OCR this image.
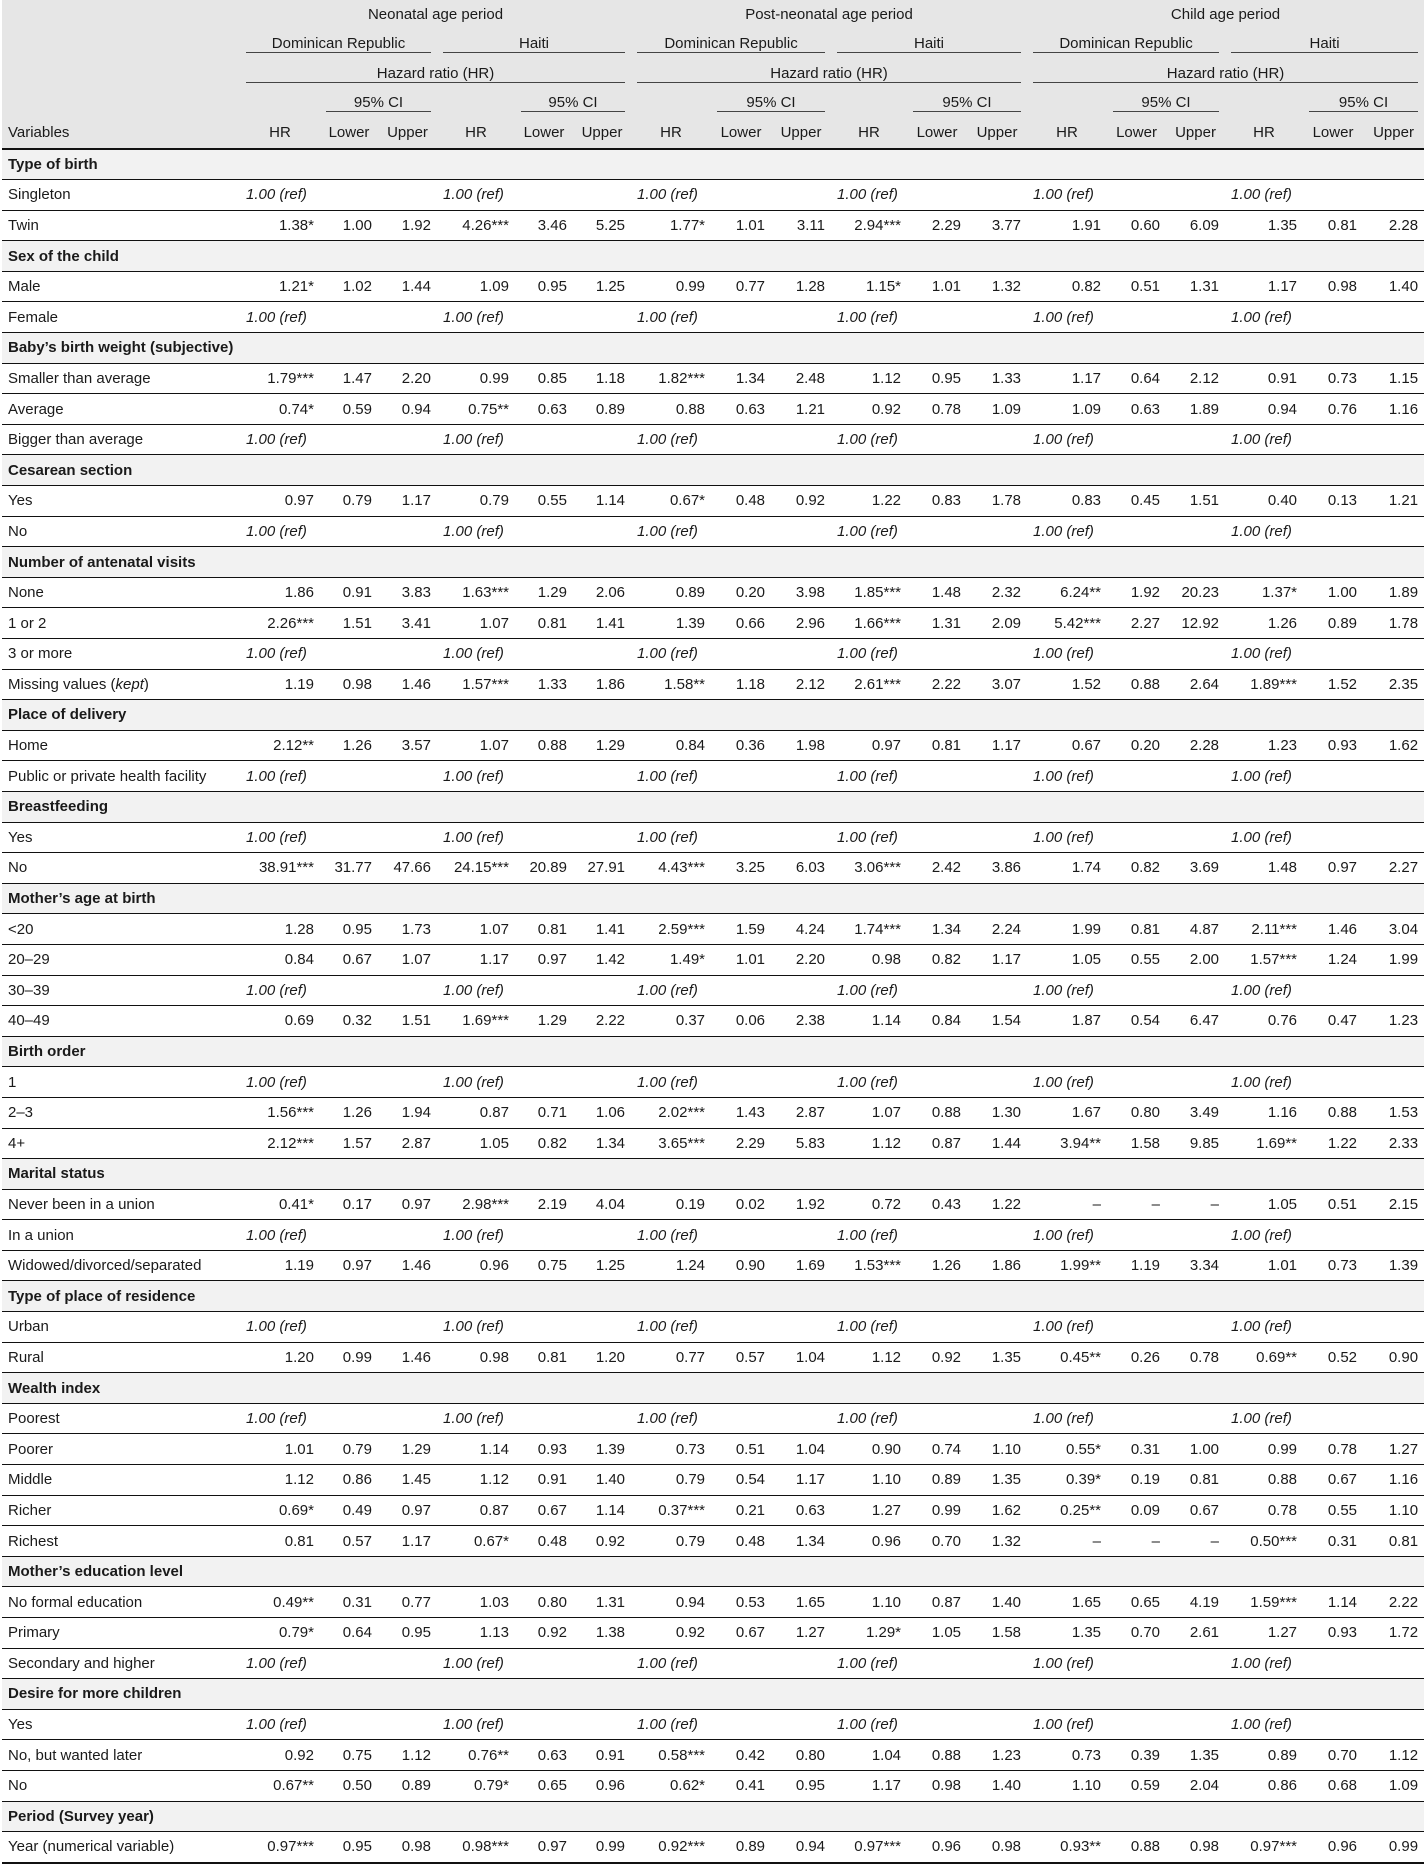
	Neonatal age period						Post-neonatal age period						Child age period					

	Dominican Republic			Haiti			Dominican Republic			Haiti			Dominican Republic			Haiti		

	Hazard ratio (HR)						Hazard ratio (HR)						Hazard ratio (HR)					

		95% CI			95% CI			95% CI			95% CI			95% CI			95% CI	

Variables	HR	Lower	Upper	HR	Lower	Upper	HR	Lower	Upper	HR	Lower	Upper	HR	Lower	Upper	HR	Lower	Upper
Type of birth																		
Singleton	1.00 (ref)			1.00 (ref)			1.00 (ref)			1.00 (ref)			1.00 (ref)			1.00 (ref)		
Twin	1.38*	1.00	1.92	4.26***	3.46	5.25	1.77*	1.01	3.11	2.94***	2.29	3.77	1.91	0.60	6.09	1.35	0.81	2.28
Sex of the child																		
Male	1.21*	1.02	1.44	1.09	0.95	1.25	0.99	0.77	1.28	1.15*	1.01	1.32	0.82	0.51	1.31	1.17	0.98	1.40
Female	1.00 (ref)			1.00 (ref)			1.00 (ref)			1.00 (ref)			1.00 (ref)			1.00 (ref)		
Baby’s birth weight (subjective)																		
Smaller than average	1.79***	1.47	2.20	0.99	0.85	1.18	1.82***	1.34	2.48	1.12	0.95	1.33	1.17	0.64	2.12	0.91	0.73	1.15
Average	0.74*	0.59	0.94	0.75**	0.63	0.89	0.88	0.63	1.21	0.92	0.78	1.09	1.09	0.63	1.89	0.94	0.76	1.16
Bigger than average	1.00 (ref)			1.00 (ref)			1.00 (ref)			1.00 (ref)			1.00 (ref)			1.00 (ref)		
Cesarean section																		
Yes	0.97	0.79	1.17	0.79	0.55	1.14	0.67*	0.48	0.92	1.22	0.83	1.78	0.83	0.45	1.51	0.40	0.13	1.21
No	1.00 (ref)			1.00 (ref)			1.00 (ref)			1.00 (ref)			1.00 (ref)			1.00 (ref)		
Number of antenatal visits																		
None	1.86	0.91	3.83	1.63***	1.29	2.06	0.89	0.20	3.98	1.85***	1.48	2.32	6.24**	1.92	20.23	1.37*	1.00	1.89
1 or 2	2.26***	1.51	3.41	1.07	0.81	1.41	1.39	0.66	2.96	1.66***	1.31	2.09	5.42***	2.27	12.92	1.26	0.89	1.78
3 or more	1.00 (ref)			1.00 (ref)			1.00 (ref)			1.00 (ref)			1.00 (ref)			1.00 (ref)		
Missing values (kept)	1.19	0.98	1.46	1.57***	1.33	1.86	1.58**	1.18	2.12	2.61***	2.22	3.07	1.52	0.88	2.64	1.89***	1.52	2.35
Place of delivery																		
Home	2.12**	1.26	3.57	1.07	0.88	1.29	0.84	0.36	1.98	0.97	0.81	1.17	0.67	0.20	2.28	1.23	0.93	1.62
Public or private health facility	1.00 (ref)			1.00 (ref)			1.00 (ref)			1.00 (ref)			1.00 (ref)			1.00 (ref)		
Breastfeeding																		
Yes	1.00 (ref)			1.00 (ref)			1.00 (ref)			1.00 (ref)			1.00 (ref)			1.00 (ref)		
No	38.91***	31.77	47.66	24.15***	20.89	27.91	4.43***	3.25	6.03	3.06***	2.42	3.86	1.74	0.82	3.69	1.48	0.97	2.27
Mother’s age at birth																		
<20	1.28	0.95	1.73	1.07	0.81	1.41	2.59***	1.59	4.24	1.74***	1.34	2.24	1.99	0.81	4.87	2.11***	1.46	3.04
20–29	0.84	0.67	1.07	1.17	0.97	1.42	1.49*	1.01	2.20	0.98	0.82	1.17	1.05	0.55	2.00	1.57***	1.24	1.99
30–39	1.00 (ref)			1.00 (ref)			1.00 (ref)			1.00 (ref)			1.00 (ref)			1.00 (ref)		
40–49	0.69	0.32	1.51	1.69***	1.29	2.22	0.37	0.06	2.38	1.14	0.84	1.54	1.87	0.54	6.47	0.76	0.47	1.23
Birth order																		
1	1.00 (ref)			1.00 (ref)			1.00 (ref)			1.00 (ref)			1.00 (ref)			1.00 (ref)		
2–3	1.56***	1.26	1.94	0.87	0.71	1.06	2.02***	1.43	2.87	1.07	0.88	1.30	1.67	0.80	3.49	1.16	0.88	1.53
4+	2.12***	1.57	2.87	1.05	0.82	1.34	3.65***	2.29	5.83	1.12	0.87	1.44	3.94**	1.58	9.85	1.69**	1.22	2.33
Marital status																		
Never been in a union	0.41*	0.17	0.97	2.98***	2.19	4.04	0.19	0.02	1.92	0.72	0.43	1.22	–	–	–	1.05	0.51	2.15
In a union	1.00 (ref)			1.00 (ref)			1.00 (ref)			1.00 (ref)			1.00 (ref)			1.00 (ref)		
Widowed/divorced/separated	1.19	0.97	1.46	0.96	0.75	1.25	1.24	0.90	1.69	1.53***	1.26	1.86	1.99**	1.19	3.34	1.01	0.73	1.39
Type of place of residence																		
Urban	1.00 (ref)			1.00 (ref)			1.00 (ref)			1.00 (ref)			1.00 (ref)			1.00 (ref)		
Rural	1.20	0.99	1.46	0.98	0.81	1.20	0.77	0.57	1.04	1.12	0.92	1.35	0.45**	0.26	0.78	0.69**	0.52	0.90
Wealth index																		
Poorest	1.00 (ref)			1.00 (ref)			1.00 (ref)			1.00 (ref)			1.00 (ref)			1.00 (ref)		
Poorer	1.01	0.79	1.29	1.14	0.93	1.39	0.73	0.51	1.04	0.90	0.74	1.10	0.55*	0.31	1.00	0.99	0.78	1.27
Middle	1.12	0.86	1.45	1.12	0.91	1.40	0.79	0.54	1.17	1.10	0.89	1.35	0.39*	0.19	0.81	0.88	0.67	1.16
Richer	0.69*	0.49	0.97	0.87	0.67	1.14	0.37***	0.21	0.63	1.27	0.99	1.62	0.25**	0.09	0.67	0.78	0.55	1.10
Richest	0.81	0.57	1.17	0.67*	0.48	0.92	0.79	0.48	1.34	0.96	0.70	1.32	–	–	–	0.50***	0.31	0.81
Mother’s education level																		
No formal education	0.49**	0.31	0.77	1.03	0.80	1.31	0.94	0.53	1.65	1.10	0.87	1.40	1.65	0.65	4.19	1.59***	1.14	2.22
Primary	0.79*	0.64	0.95	1.13	0.92	1.38	0.92	0.67	1.27	1.29*	1.05	1.58	1.35	0.70	2.61	1.27	0.93	1.72
Secondary and higher	1.00 (ref)			1.00 (ref)			1.00 (ref)			1.00 (ref)			1.00 (ref)			1.00 (ref)		
Desire for more children																		
Yes	1.00 (ref)			1.00 (ref)			1.00 (ref)			1.00 (ref)			1.00 (ref)			1.00 (ref)		
No, but wanted later	0.92	0.75	1.12	0.76**	0.63	0.91	0.58***	0.42	0.80	1.04	0.88	1.23	0.73	0.39	1.35	0.89	0.70	1.12
No	0.67**	0.50	0.89	0.79*	0.65	0.96	0.62*	0.41	0.95	1.17	0.98	1.40	1.10	0.59	2.04	0.86	0.68	1.09
Period (Survey year)																		
Year (numerical variable)	0.97***	0.95	0.98	0.98***	0.97	0.99	0.92***	0.89	0.94	0.97***	0.96	0.98	0.93**	0.88	0.98	0.97***	0.96	0.99
